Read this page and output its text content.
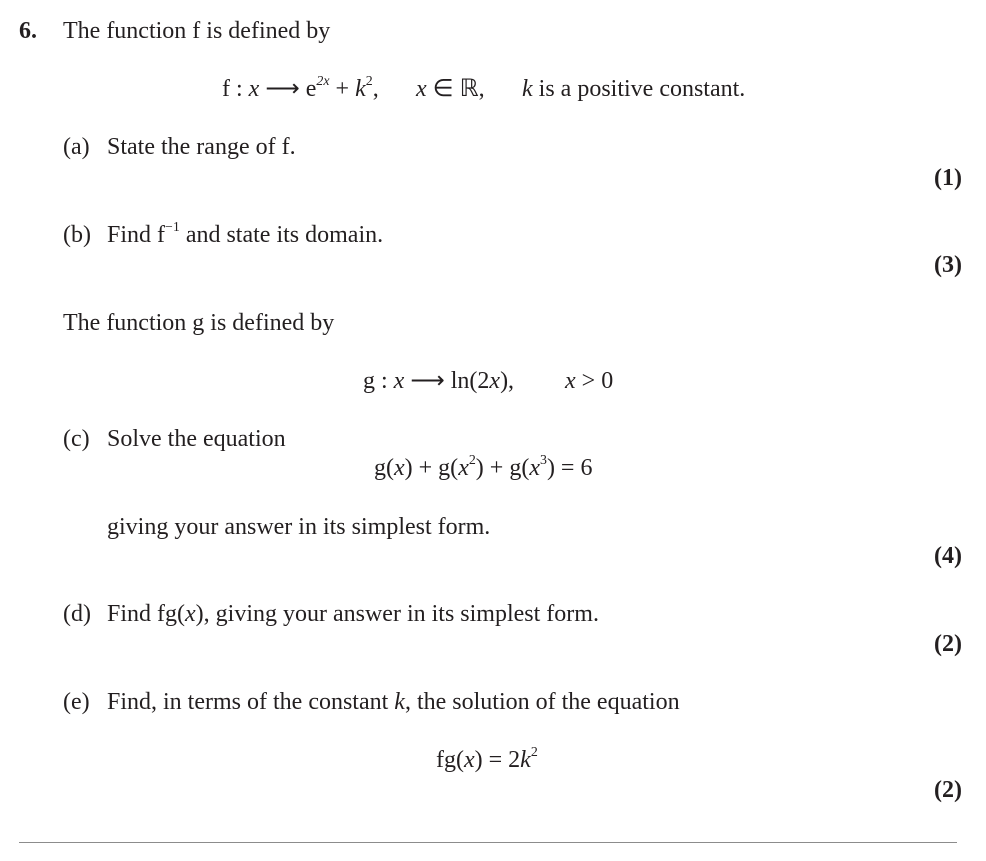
6. The function f is defined by
f : x ⟶ $e^{2x} + k^2$, x ∈ ℝ, k is a positive constant.
(a) State the range of f.
(1)
(b) Find $f^{-1}$ and state its domain.
(3)
The function g is defined by
g : x ⟶ ln(2x), x > 0
(c) Solve the equation
$g(x) + g(x^2) + g(x^3) = 6$
giving your answer in its simplest form.
(4)
(d) Find fg(x), giving your answer in its simplest form.
(2)
(e) Find, in terms of the constant k, the solution of the equation
$fg(x) = 2k^2$
(2)
